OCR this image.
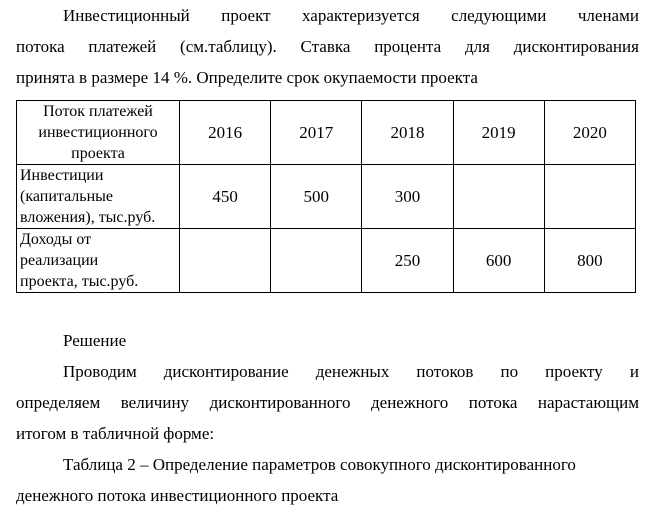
Инвестиционный проект характеризуется следующими членами
потока платежей (см.таблицу). Ставка процента для дисконтирования
принята в размере 14 %. Определите срок окупаемости проекта
Поток платежей
инвестиционного
проекта	2016	2017	2018	2019	2020

Инвестиции
(капитальные
вложения), тыс.руб.	450	500	300		

Доходы от
реализации
проекта, тыс.руб.			250	600	800
Решение
Проводим дисконтирование денежных потоков по проекту и
определяем величину дисконтированного денежного потока нарастающим
итогом в табличной форме:
Таблица 2 – Определение параметров совокупного дисконтированного
денежного потока инвестиционного проекта
